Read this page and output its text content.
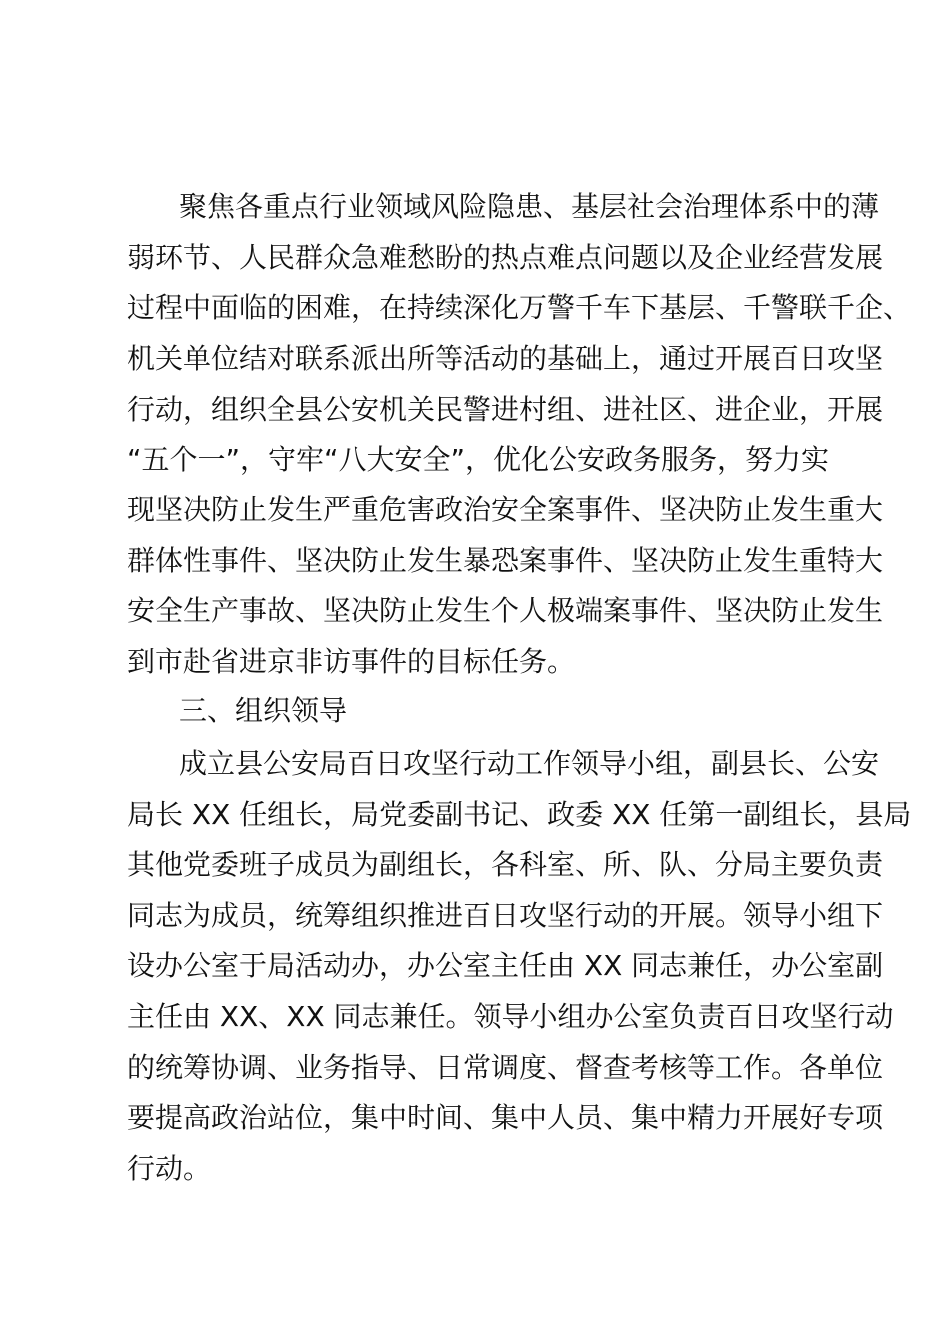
聚焦各重点行业领域风险隐患、基层社会治理体系中的薄
弱环节、人民群众急难愁盼的热点难点问题以及企业经营发展
过程中面临的困难，在持续深化万警千车下基层、千警联千企、
机关单位结对联系派出所等活动的基础上，通过开展百日攻坚
行动，组织全县公安机关民警进村组、进社区、进企业，开展
“五个一”，守牢“八大安全”，优化公安政务服务，努力实
现坚决防止发生严重危害政治安全案事件、坚决防止发生重大
群体性事件、坚决防止发生暴恐案事件、坚决防止发生重特大
安全生产事故、坚决防止发生个人极端案事件、坚决防止发生
到市赴省进京非访事件的目标任务。
三、组织领导
成立县公安局百日攻坚行动工作领导小组，副县长、公安
局长 XX 任组长，局党委副书记、政委 XX 任第一副组长，县局
其他党委班子成员为副组长，各科室、所、队、分局主要负责
同志为成员，统筹组织推进百日攻坚行动的开展。领导小组下
设办公室于局活动办，办公室主任由 XX 同志兼任，办公室副
主任由 XX、XX 同志兼任。领导小组办公室负责百日攻坚行动
的统筹协调、业务指导、日常调度、督查考核等工作。各单位
要提高政治站位，集中时间、集中人员、集中精力开展好专项
行动。
